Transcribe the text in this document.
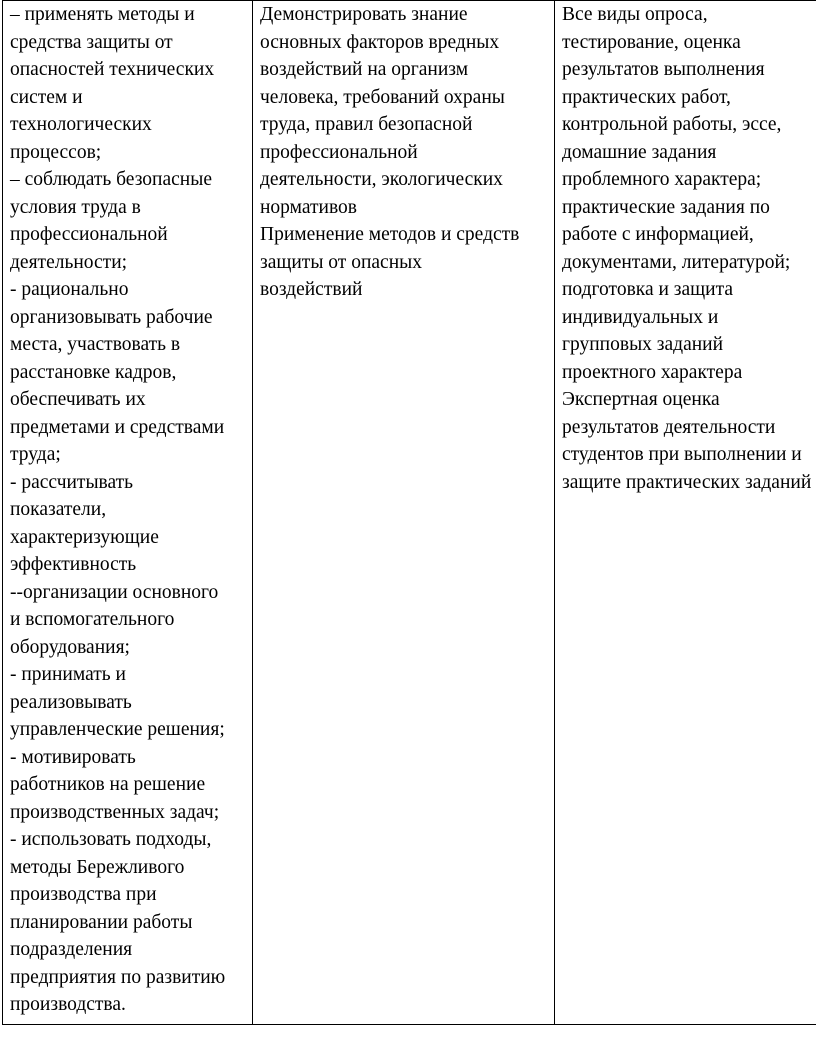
– применять методы и
средства защиты от
опасностей технических
систем и
технологических
процессов;
– соблюдать безопасные
условия труда в
профессиональной
деятельности;
- рационально
организовывать рабочие
места, участвовать в
расстановке кадров,
обеспечивать их
предметами и средствами
труда;
- рассчитывать
показатели,
характеризующие
эффективность
--организации основного
и вспомогательного
оборудования;
- принимать и
реализовывать
управленческие решения;
- мотивировать
работников на решение
производственных задач;
- использовать подходы,
методы Бережливого
производства при
планировании работы
подразделения
предприятия по развитию
производства.

Демонстрировать знание
основных факторов вредных
воздействий на организм
человека, требований охраны
труда, правил безопасной
профессиональной
деятельности, экологических
нормативов
Применение методов и средств
защиты от опасных
воздействий

Все виды опроса,
тестирование, оценка
результатов выполнения
практических работ,
контрольной работы, эссе,
домашние задания
проблемного характера;
практические задания по
работе с информацией,
документами, литературой;
подготовка и защита
индивидуальных и
групповых заданий
проектного характера
Экспертная оценка
результатов деятельности
студентов при выполнении и
защите практических заданий
